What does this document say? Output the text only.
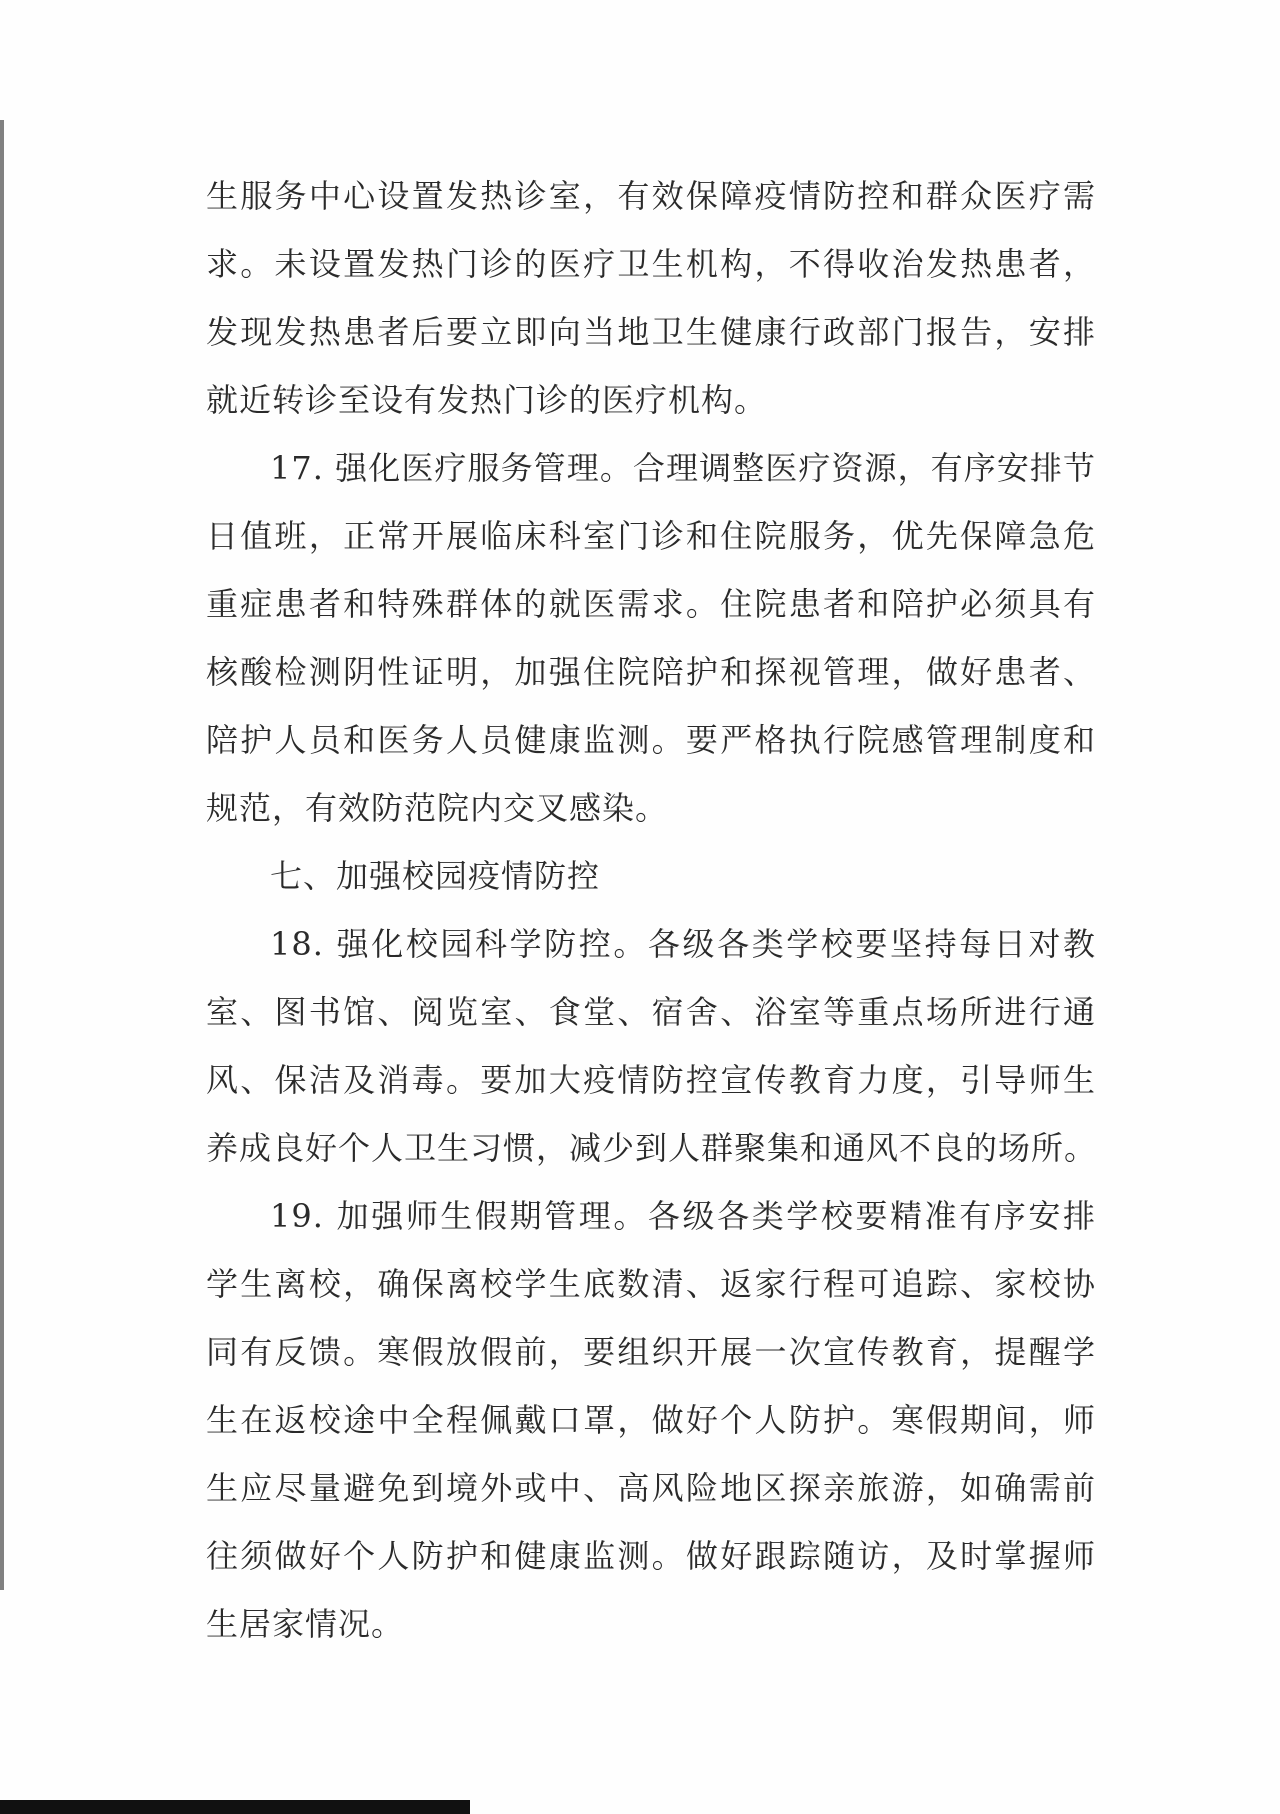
生服务中心设置发热诊室，有效保障疫情防控和群众医疗需
求。未设置发热门诊的医疗卫生机构，不得收治发热患者，
发现发热患者后要立即向当地卫生健康行政部门报告，安排
就近转诊至设有发热门诊的医疗机构。
17. 强化医疗服务管理。合理调整医疗资源，有序安排节
日值班，正常开展临床科室门诊和住院服务，优先保障急危
重症患者和特殊群体的就医需求。住院患者和陪护必须具有
核酸检测阴性证明，加强住院陪护和探视管理，做好患者、
陪护人员和医务人员健康监测。要严格执行院感管理制度和
规范，有效防范院内交叉感染。
七、加强校园疫情防控
18. 强化校园科学防控。各级各类学校要坚持每日对教
室、图书馆、阅览室、食堂、宿舍、浴室等重点场所进行通
风、保洁及消毒。要加大疫情防控宣传教育力度，引导师生
养成良好个人卫生习惯，减少到人群聚集和通风不良的场所。
19. 加强师生假期管理。各级各类学校要精准有序安排
学生离校，确保离校学生底数清、返家行程可追踪、家校协
同有反馈。寒假放假前，要组织开展一次宣传教育，提醒学
生在返校途中全程佩戴口罩，做好个人防护。寒假期间，师
生应尽量避免到境外或中、高风险地区探亲旅游，如确需前
往须做好个人防护和健康监测。做好跟踪随访，及时掌握师
生居家情况。
